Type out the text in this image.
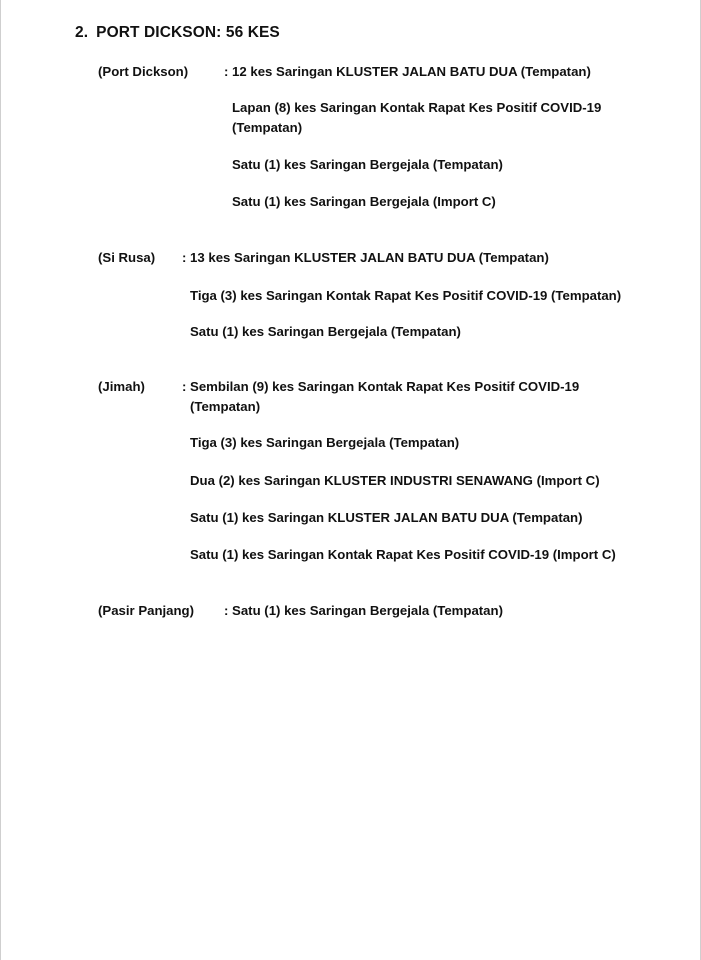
2. PORT DICKSON: 56 KES
(Port Dickson)	: 12 kes Saringan KLUSTER JALAN BATU DUA (Tempatan)
Lapan (8) kes Saringan Kontak Rapat Kes Positif COVID-19
(Tempatan)
Satu (1) kes Saringan Bergejala (Tempatan)
Satu (1) kes Saringan Bergejala (Import C)
(Si Rusa) : 13 kes Saringan KLUSTER JALAN BATU DUA (Tempatan)
Tiga (3) kes Saringan Kontak Rapat Kes Positif COVID-19 (Tempatan)
Satu (1) kes Saringan Bergejala (Tempatan)
(Jimah)	: Sembilan (9) kes Saringan Kontak Rapat Kes Positif COVID-19
(Tempatan)
Tiga (3) kes Saringan Bergejala (Tempatan)
Dua (2) kes Saringan KLUSTER INDUSTRI SENAWANG (Import C)
Satu (1) kes Saringan KLUSTER JALAN BATU DUA (Tempatan)
Satu (1) kes Saringan Kontak Rapat Kes Positif COVID-19 (Import C)
(Pasir Panjang) : Satu (1) kes Saringan Bergejala (Tempatan)
